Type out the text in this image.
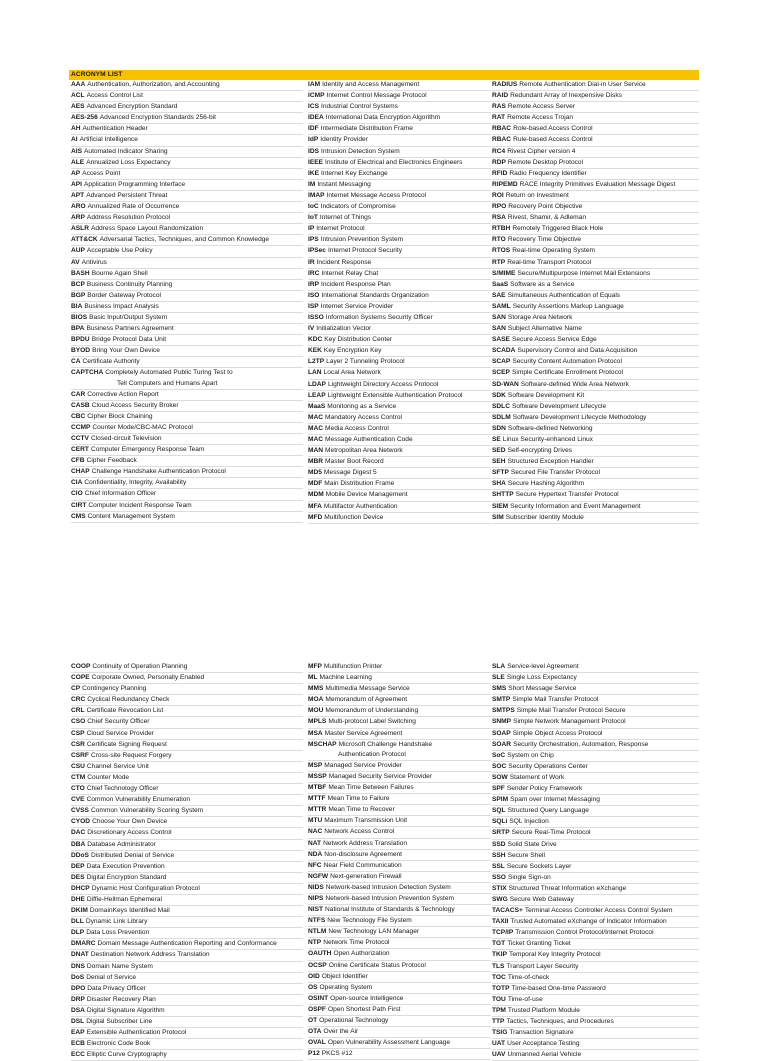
ACRONYM LIST
AAA Authentication, Authorization, and Accounting
ACL Access Control List
AES Advanced Encryption Standard
AES-256 Advanced Encryption Standards 256-bit
AH Authentication Header
AI Artificial Intelligence
AIS Automated Indicator Sharing
ALE Annualized Loss Expectancy
AP Access Point
API Application Programming Interface
APT Advanced Persistent Threat
ARO Annualized Rate of Occurrence
ARP Address Resolution Protocol
ASLR Address Space Layout Randomization
ATT&CK Adversarial Tactics, Techniques, and Common Knowledge
AUP Acceptable Use Policy
AV Antivirus
BASH Bourne Again Shell
BCP Business Continuity Planning
BGP Border Gateway Protocol
BIA Business Impact Analysis
BIOS Basic Input/Output System
BPA Business Partners Agreement
BPDU Bridge Protocol Data Unit
BYOD Bring Your Own Device
CA Certificate Authority
CAPTCHA Completely Automated Public Turing Test to
Tell Computers and Humans Apart
CAR Corrective Action Report
CASB Cloud Access Security Broker
CBC Cipher Block Chaining
CCMP Counter Mode/CBC-MAC Protocol
CCTV Closed-circuit Television
CERT Computer Emergency Response Team
CFB Cipher Feedback
CHAP Challenge Handshake Authentication Protocol
CIA Confidentiality, Integrity, Availability
CIO Chief Information Officer
CIRT Computer Incident Response Team
CMS Content Management System
IAM Identity and Access Management
ICMP Internet Control Message Protocol
ICS Industrial Control Systems
IDEA International Data Encryption Algorithm
IDF Intermediate Distribution Frame
IdP Identity Provider
IDS Intrusion Detection System
IEEE Institute of Electrical and Electronics Engineers
IKE Internet Key Exchange
IM Instant Messaging
IMAP Internet Message Access Protocol
IoC Indicators of Compromise
IoT Internet of Things
IP Internet Protocol
IPS Intrusion Prevention System
IPSec Internet Protocol Security
IR Incident Response
IRC Internet Relay Chat
IRP Incident Response Plan
ISO International Standards Organization
ISP Internet Service Provider
ISSO Information Systems Security Officer
IV Initialization Vector
KDC Key Distribution Center
KEK Key Encryption Key
L2TP Layer 2 Tunneling Protocol
LAN Local Area Network
LDAP Lightweight Directory Access Protocol
LEAP Lightweight Extensible Authentication Protocol
MaaS Monitoring as a Service
MAC Mandatory Access Control
MAC Media Access Control
MAC Message Authentication Code
MAN Metropolitan Area Network
MBR Master Boot Record
MD5 Message Digest 5
MDF Main Distribution Frame
MDM Mobile Device Management
MFA Multifactor Authentication
MFD Multifunction Device
RADIUS Remote Authentication Dial-in User Service
RAID Redundant Array of Inexpensive Disks
RAS Remote Access Server
RAT Remote Access Trojan
RBAC Role-based Access Control
RBAC Rule-based Access Control
RC4 Rivest Cipher version 4
RDP Remote Desktop Protocol
RFID Radio Frequency Identifier
RIPEMD RACE Integrity Primitives Evaluation Message Digest
ROI Return on Investment
RPO Recovery Point Objective
RSA Rivest, Shamir, & Adleman
RTBH Remotely Triggered Black Hole
RTO Recovery Time Objective
RTOS Real-time Operating System
RTP Real-time Transport Protocol
S/MIME Secure/Multipurpose Internet Mail Extensions
SaaS Software as a Service
SAE Simultaneous Authentication of Equals
SAML Security Assertions Markup Language
SAN Storage Area Network
SAN Subject Alternative Name
SASE Secure Access Service Edge
SCADA Supervisory Control and Data Acquisition
SCAP Security Content Automation Protocol
SCEP Simple Certificate Enrollment Protocol
SD-WAN Software-defined Wide Area Network
SDK Software Development Kit
SDLC Software Development Lifecycle
SDLM Software Development Lifecycle Methodology
SDN Software-defined Networking
SE Linux Security-enhanced Linux
SED Self-encrypting Drives
SEH Structured Exception Handler
SFTP Secured File Transfer Protocol
SHA Secure Hashing Algorithm
SHTTP Secure Hypertext Transfer Protocol
SIEM Security Information and Event Management
SIM Subscriber Identity Module
COOP Continuity of Operation Planning
COPE Corporate Owned, Personally Enabled
CP Contingency Planning
CRC Cyclical Redundancy Check
CRL Certificate Revocation List
CSO Chief Security Officer
CSP Cloud Service Provider
CSR Certificate Signing Request
CSRF Cross-site Request Forgery
CSU Channel Service Unit
CTM Counter Mode
CTO Chief Technology Officer
CVE Common Vulnerability Enumeration
CVSS Common Vulnerability Scoring System
CYOD Choose Your Own Device
DAC Discretionary Access Control
DBA Database Administrator
DDoS Distributed Denial of Service
DEP Data Execution Prevention
DES Digital Encryption Standard
DHCP Dynamic Host Configuration Protocol
DHE Diffie-Hellman Ephemeral
DKIM DomainKeys Identified Mail
DLL Dynamic Link Library
DLP Data Loss Prevention
DMARC Domain Message Authentication Reporting and Conformance
DNAT Destination Network Address Translation
DNS Domain Name System
DoS Denial of Service
DPO Data Privacy Officer
DRP Disaster Recovery Plan
DSA Digital Signature Algorithm
DSL Digital Subscriber Line
EAP Extensible Authentication Protocol
ECB Electronic Code Book
ECC Elliptic Curve Cryptography
MFP Multifunction Printer
ML Machine Learning
MMS Multimedia Message Service
MOA Memorandum of Agreement
MOU Memorandum of Understanding
MPLS Multi-protocol Label Switching
MSA Master Service Agreement
MSCHAP Microsoft Challenge Handshake
Authentication Protocol
MSP Managed Service Provider
MSSP Managed Security Service Provider
MTBF Mean Time Between Failures
MTTF Mean Time to Failure
MTTR Mean Time to Recover
MTU Maximum Transmission Unit
NAC Network Access Control
NAT Network Address Translation
NDA Non-disclosure Agreement
NFC Near Field Communication
NGFW Next-generation Firewall
NIDS Network-based Intrusion Detection System
NIPS Network-based Intrusion Prevention System
NIST National Institute of Standards & Technology
NTFS New Technology File System
NTLM New Technology LAN Manager
NTP Network Time Protocol
OAUTH Open Authorization
OCSP Online Certificate Status Protocol
OID Object Identifier
OS Operating System
OSINT Open-source Intelligence
OSPF Open Shortest Path First
OT Operational Technology
OTA Over the Air
OVAL Open Vulnerability Assessment Language
P12 PKCS #12
SLA Service-level Agreement
SLE Single Loss Expectancy
SMS Short Message Service
SMTP Simple Mail Transfer Protocol
SMTPS Simple Mail Transfer Protocol Secure
SNMP Simple Network Management Protocol
SOAP Simple Object Access Protocol
SOAR Security Orchestration, Automation, Response
SoC System on Chip
SOC Security Operations Center
SOW Statement of Work
SPF Sender Policy Framework
SPIM Spam over Internet Messaging
SQL Structured Query Language
SQLi SQL Injection
SRTP Secure Real-Time Protocol
SSD Solid State Drive
SSH Secure Shell
SSL Secure Sockets Layer
SSO Single Sign-on
STIX Structured Threat Information eXchange
SWG Secure Web Gateway
TACACS+ Terminal Access Controller Access Control System
TAXII Trusted Automated eXchange of Indicator Information
TCP/IP Transmission Control Protocol/Internet Protocol
TGT Ticket Granting Ticket
TKIP Temporal Key Integrity Protocol
TLS Transport Layer Security
TOC Time-of-check
TOTP Time-based One-time Password
TOU Time-of-use
TPM Trusted Platform Module
TTP Tactics, Techniques, and Procedures
TSIG Transaction Signature
UAT User Acceptance Testing
UAV Unmanned Aerial Vehicle
